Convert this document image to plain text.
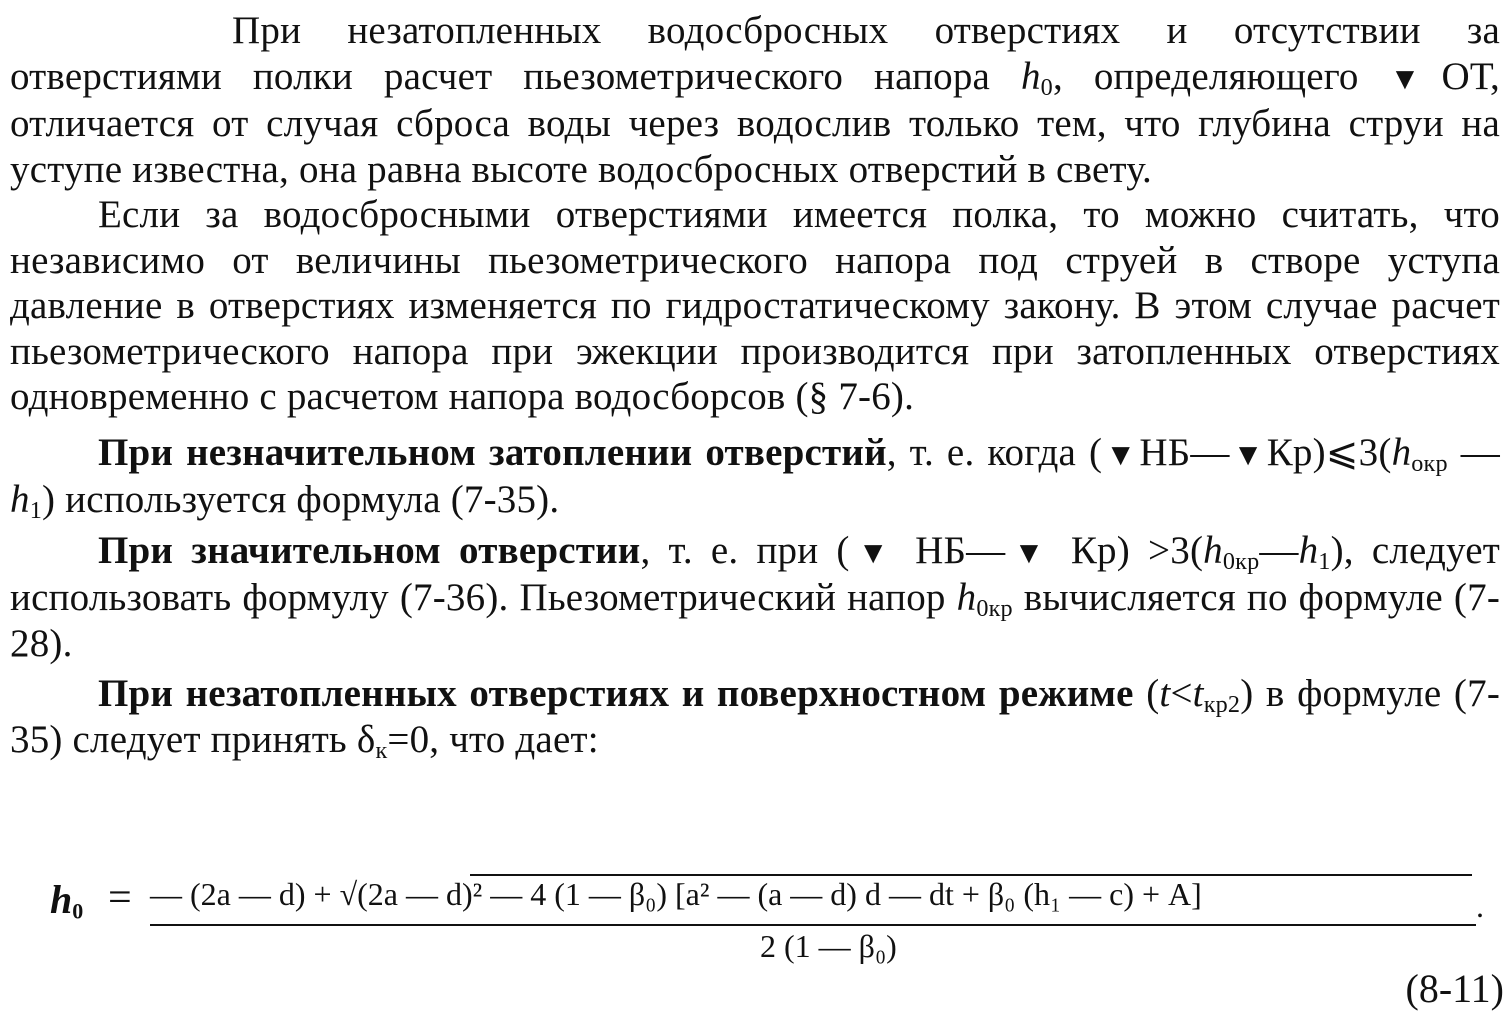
При незатопленных водосбросных отверстиях и отсутствии за отверстиями полки расчет пьезометрического напора $h_0$, определяющего ▼ОТ, отличается от случая сброса воды через водослив только тем, что глубина струи на уступе известна, она равна высоте водосбросных отверстий в свету.

Если за водосбросными отверстиями имеется полка, то можно считать, что независимо от величины пьезометрического напора под струей в створе уступа давление в отверстиях изменяется по гидростатическому закону. В этом случае расчет пьезометрического напора при эжекции производится при затопленных отверстиях одновременно с расчетом напора водосборсов (§ 7-6).

При незначительном затоплении отверстий, т. е. когда $(▼НБ—▼Кр)⩽3(h_{окр}$ — $h_1$) используется формула (7-35).

При значительном отверстии, т. е. при (▼ НБ—▼ $Кр) >3(h_{0кр}—h_1)$, следует использовать формулу (7-36). Пьезометрический напор $h_{0кр}$ вычисляется по формуле (7-28).

При незатопленных отверстиях и поверхностном режиме $(t<t_{кр2})$ в формуле (7-35) следует принять $\delta_к=0$, что дает:

$h_0$ = — (2a — d) + √(2a — d)² — 4 (1 — β₀) [a² — (a — d) d — dt + β₀ (h₁ — c) + A]
2 (1 — β₀)
.
(8-11)
